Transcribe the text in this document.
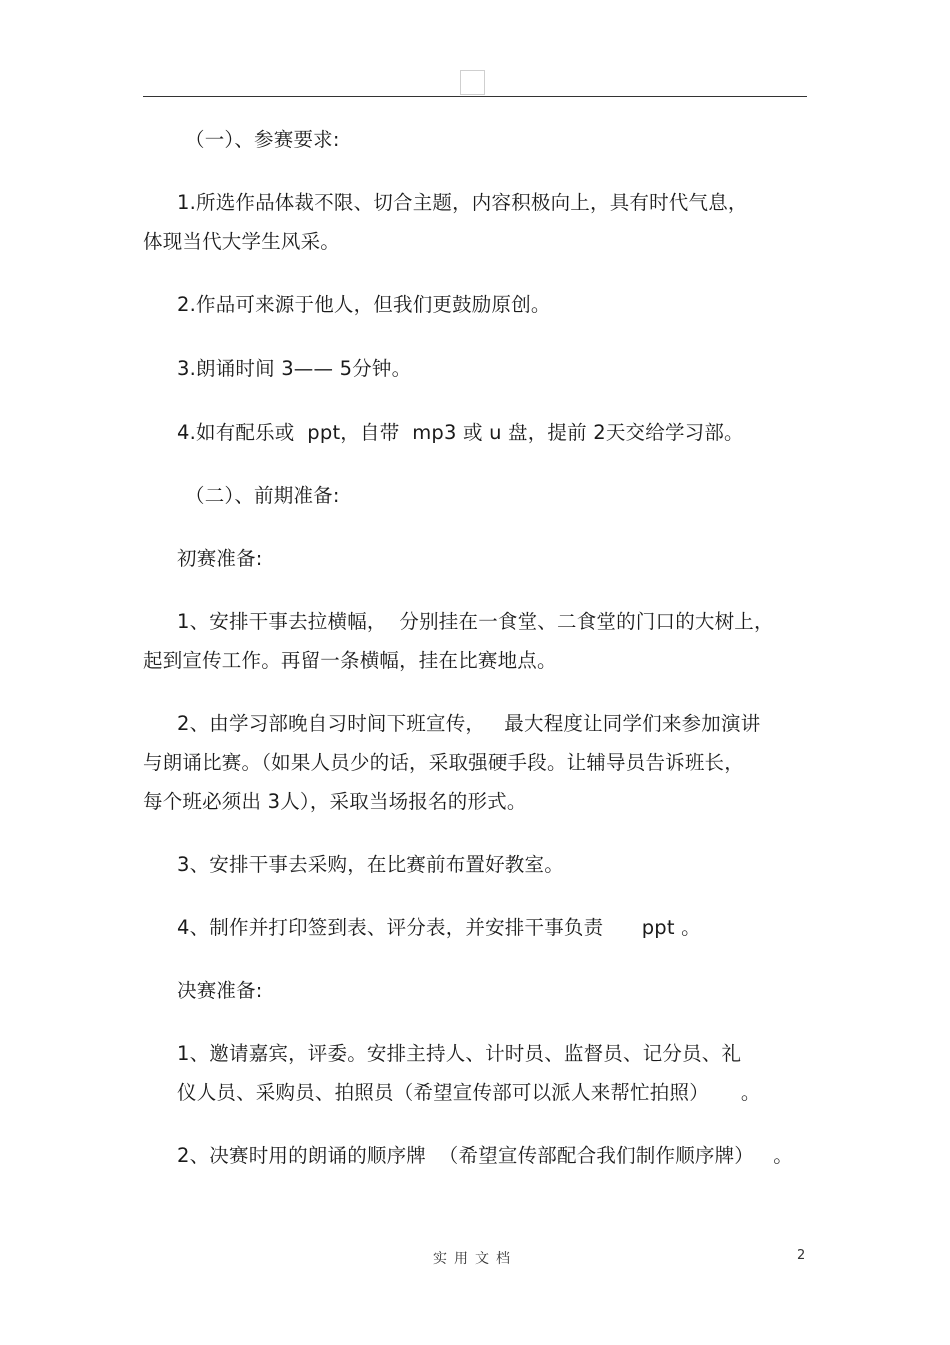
（一）、参赛要求:
1.所选作品体裁不限、切合主题，内容积极向上，具有时代气息，
体现当代大学生风采。
2.作品可来源于他人，但我们更鼓励原创。
3.朗诵时间 3—— 5分钟。
4.如有配乐或  ppt，自带  mp3 或 u 盘，提前 2天交给学习部。
（二）、前期准备:
初赛准备:
1、安排干事去拉横幅，  分别挂在一食堂、二食堂的门口的大树上，
起到宣传工作。再留一条横幅，挂在比赛地点。
2、由学习部晚自习时间下班宣传，   最大程度让同学们来参加演讲
与朗诵比赛。（如果人员少的话，采取强硬手段。让辅导员告诉班长，
每个班必须出 3人），采取当场报名的形式。
3、安排干事去采购，在比赛前布置好教室。
4、制作并打印签到表、评分表，并安排干事负责      ppt 。
决赛准备:
1、邀请嘉宾，评委。安排主持人、计时员、监督员、记分员、礼
仪人员、采购员、拍照员（希望宣传部可以派人来帮忙拍照）     。
2、决赛时用的朗诵的顺序牌  （希望宣传部配合我们制作顺序牌）   。
实用文档	2
